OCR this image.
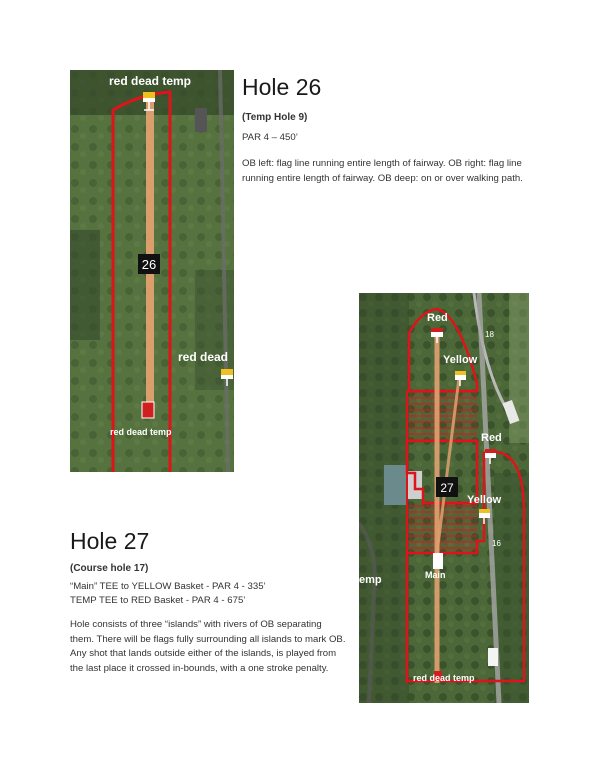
26
red dead temp
red dead
red dead temp
Hole 26
(Temp Hole 9)
PAR 4 – 450’
OB left: flag line running entire length of fairway. OB right: flag line running entire length of fairway. OB deep: on or over walking path.
27
Red
Yellow
Red
Yellow
emp	Main
red dead temp
18
16
Hole 27
(Course hole 17)
“Main” TEE to YELLOW Basket - PAR 4 - 335’
TEMP TEE to RED Basket - PAR 4 - 675’
Hole consists of three “islands” with rivers of OB separating them. There will be flags fully surrounding all islands to mark OB. Any shot that lands outside either of the islands, is played from the last place it crossed in-bounds, with a one stroke penalty.
